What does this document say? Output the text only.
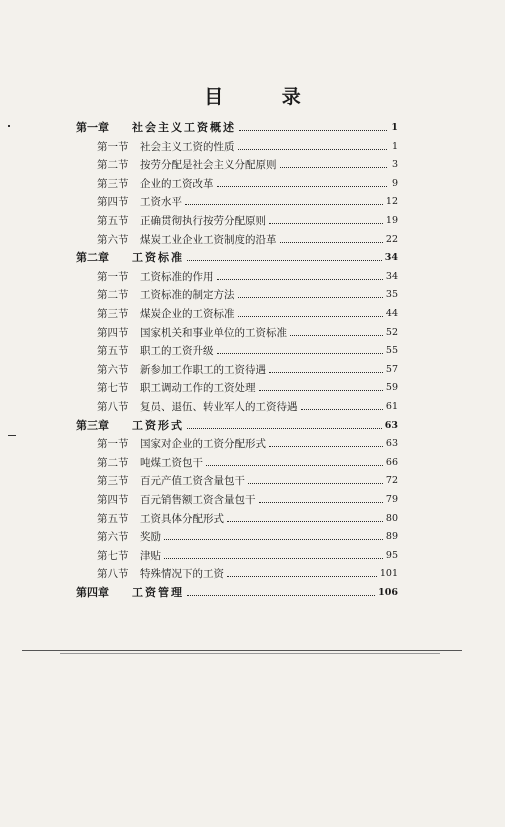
目 录
第一章	社会主义工资概述	1
第一节	社会主义工资的性质	1
第二节	按劳分配是社会主义分配原则	3
第三节	企业的工资改革	9
第四节	工资水平	12
第五节	正确贯彻执行按劳分配原则	19
第六节	煤炭工业企业工资制度的沿革	22
第二章	工资标准	34
第一节	工资标准的作用	34
第二节	工资标准的制定方法	35
第三节	煤炭企业的工资标准	44
第四节	国家机关和事业单位的工资标准	52
第五节	职工的工资升级	55
第六节	新参加工作职工的工资待遇	57
第七节	职工调动工作的工资处理	59
第八节	复员、退伍、转业军人的工资待遇	61
第三章	工资形式	63
第一节	国家对企业的工资分配形式	63
第二节	吨煤工资包干	66
第三节	百元产值工资含量包干	72
第四节	百元销售额工资含量包干	79
第五节	工资具体分配形式	80
第六节	奖励	89
第七节	津贴	95
第八节	特殊情况下的工资	101
第四章	工资管理	106
